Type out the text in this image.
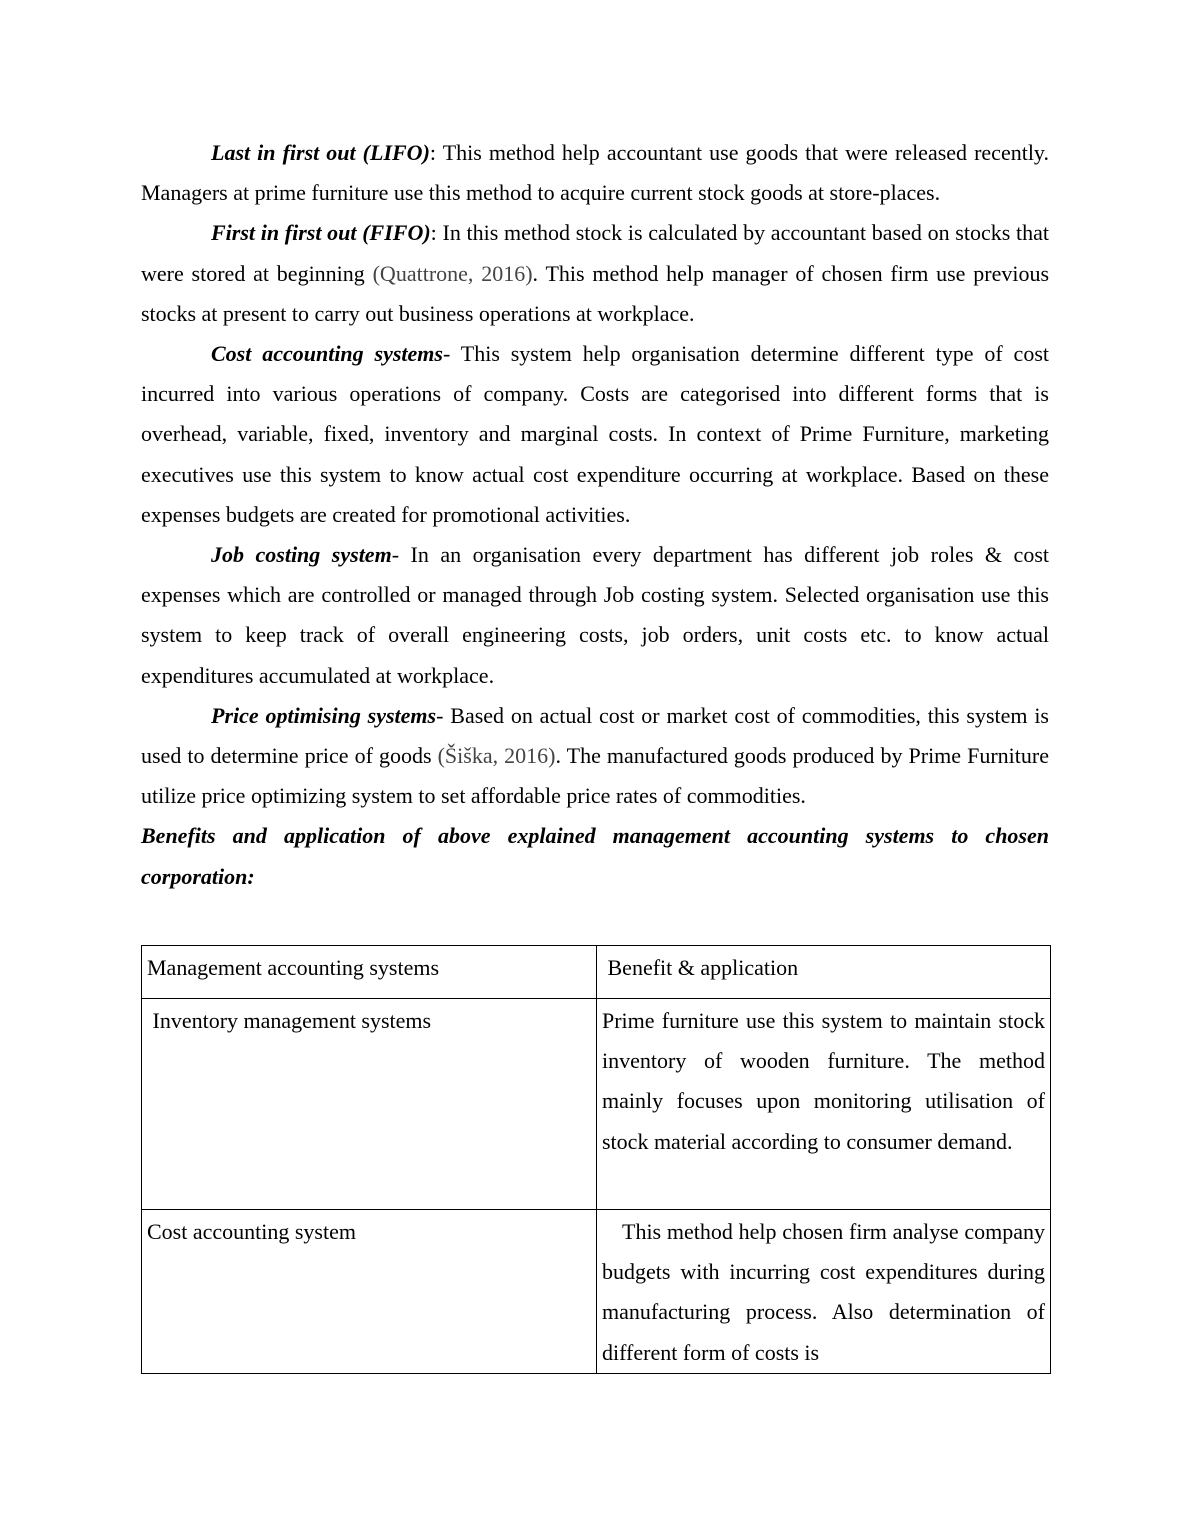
Last in first out (LIFO): This method help accountant use goods that were released recently. Managers at prime furniture use this method to acquire current stock goods at store-places.

First in first out (FIFO): In this method stock is calculated by accountant based on stocks that were stored at beginning (Quattrone, 2016). This method help manager of chosen firm use previous stocks at present to carry out business operations at workplace.

Cost accounting systems- This system help organisation determine different type of cost incurred into various operations of company. Costs are categorised into different forms that is overhead, variable, fixed, inventory and marginal costs. In context of Prime Furniture, marketing executives use this system to know actual cost expenditure occurring at workplace. Based on these expenses budgets are created for promotional activities.

Job costing system- In an organisation every department has different job roles & cost expenses which are controlled or managed through Job costing system. Selected organisation use this system to keep track of overall engineering costs, job orders, unit costs etc. to know actual expenditures accumulated at workplace.

Price optimising systems- Based on actual cost or market cost of commodities, this system is used to determine price of goods (Šiška, 2016). The manufactured goods produced by Prime Furniture utilize price optimizing system to set affordable price rates of commodities.

Benefits and application of above explained management accounting systems to chosen corporation:
Management accounting systems	Benefit & application
Inventory management systems	Prime furniture use this system to maintain stock inventory of wooden furniture. The method mainly focuses upon monitoring utilisation of stock material according to consumer demand.
Cost accounting system	This method help chosen firm analyse company budgets with incurring cost expenditures during manufacturing process. Also determination of different form of costs is
